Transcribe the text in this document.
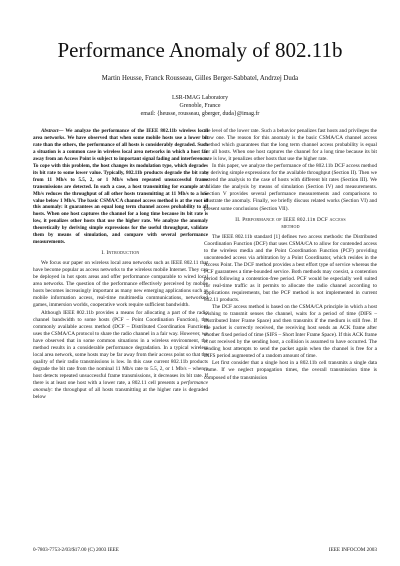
Performance Anomaly of 802.11b
Martin Heusse, Franck Rousseau, Gilles Berger-Sabbatel, Andrzej Duda
LSR-IMAG Laboratory
Grenoble, France
email: {heusse, rousseau, gberger, duda}@imag.fr

Abstract— We analyze the performance of the IEEE 802.11b wireless local area networks. We have observed that when some mobile hosts use a lower bit rate than the others, the performance of all hosts is considerably degraded. Such a situation is a common case in wireless local area networks in which a host far away from an Access Point is subject to important signal fading and interference. To cope with this problem, the host changes its modulation type, which degrades its bit rate to some lower value. Typically, 802.11b products degrade the bit rate from 11 Mb/s to 5.5, 2, or 1 Mb/s when repeated unsuccessful frame transmissions are detected. In such a case, a host transmitting for example at 1 Mb/s reduces the throughput of all other hosts transmitting at 11 Mb/s to a low value below 1 Mb/s. The basic CSMA/CA channel access method is at the root of this anomaly: it guarantees an equal long term channel access probability to all hosts. When one host captures the channel for a long time because its bit rate is low, it penalizes other hosts that use the higher rate. We analyze the anomaly theoretically by deriving simple expressions for the useful throughput, validate them by means of simulation, and compare with several performance measurements.

I. Introduction

We focus our paper on wireless local area networks such as IEEE 802.11 that have become popular as access networks to the wireless mobile Internet. They can be deployed in hot spots areas and offer performance comparable to wired local area networks. The question of the performance effectively perceived by mobile hosts becomes increasingly important as many new emerging applications such as mobile information access, real-time multimedia communications, networked games, immersion worlds, cooperative work require sufficient bandwidth.

Although IEEE 802.11b provides a means for allocating a part of the radio channel bandwidth to some hosts (PCF – Point Coordination Function), the commonly available access method (DCF – Distributed Coordination Function) uses the CSMA/CA protocol to share the radio channel in a fair way. However, we have observed that in some common situations in a wireless environment, the method results in a considerable performance degradation. In a typical wireless local area network, some hosts may be far away from their access point so that the quality of their radio transmissions is low. In this case current 802.11b products degrade the bit rate from the nominal 11 Mb/s rate to 5.5, 2, or 1 Mb/s – when a host detects repeated unsuccessful frame transmissions, it decreases its bit rate. If there is at least one host with a lower rate, a 802.11 cell presents a performance anomaly: the throughput of all hosts transmitting at the higher rate is degraded below

the level of the lower rate. Such a behavior penalizes fast hosts and privileges the slow one. The reason for this anomaly is the basic CSMA/CA channel access method which guarantees that the long term channel access probability is equal for all hosts. When one host captures the channel for a long time because its bit rate is low, it penalizes other hosts that use the higher rate.

In this paper, we analyze the performance of the 802.11b DCF access method by deriving simple expressions for the available throughput (Section II). Then we extend the analysis to the case of hosts with different bit rates (Section III). We validate the analysis by means of simulation (Section IV) and measurements. Section V provides several performance measurements and comparisons to illustrate the anomaly. Finally, we briefly discuss related works (Section VI) and present some conclusions (Section VII).

II. Performance of IEEE 802.11b DCF access
method

The IEEE 802.11b standard [1] defines two access methods: the Distributed Coordination Function (DCF) that uses CSMA/CA to allow for contended access to the wireless media and the Point Coordination Function (PCF) providing uncontended access via arbitration by a Point Coordinator, which resides in the Access Point. The DCF method provides a best effort type of service whereas the PCF guarantees a time-bounded service. Both methods may coexist, a contention period following a contention-free period. PCF would be especially well suited for real-time traffic as it permits to allocate the radio channel according to applications requirements, but the PCF method is not implemented in current 802.11 products.

The DCF access method is based on the CSMA/CA principle in which a host wishing to transmit senses the channel, waits for a period of time (DIFS – Distributed Inter Frame Space) and then transmits if the medium is still free. If the packet is correctly received, the receiving host sends an ACK frame after another fixed period of time (SIFS – Short Inter Frame Space). If this ACK frame is not received by the sending host, a collision is assumed to have occurred. The sending host attempts to send the packet again when the channel is free for a DIFS period augmented of a random amount of time.

Let first consider that a single host in a 802.11b cell transmits a single data frame. If we neglect propagation times, the overall transmission time is composed of the transmission

0-7803-7753-2/03/$17.00 (C) 2003 IEEE	IEEE INFOCOM 2003
